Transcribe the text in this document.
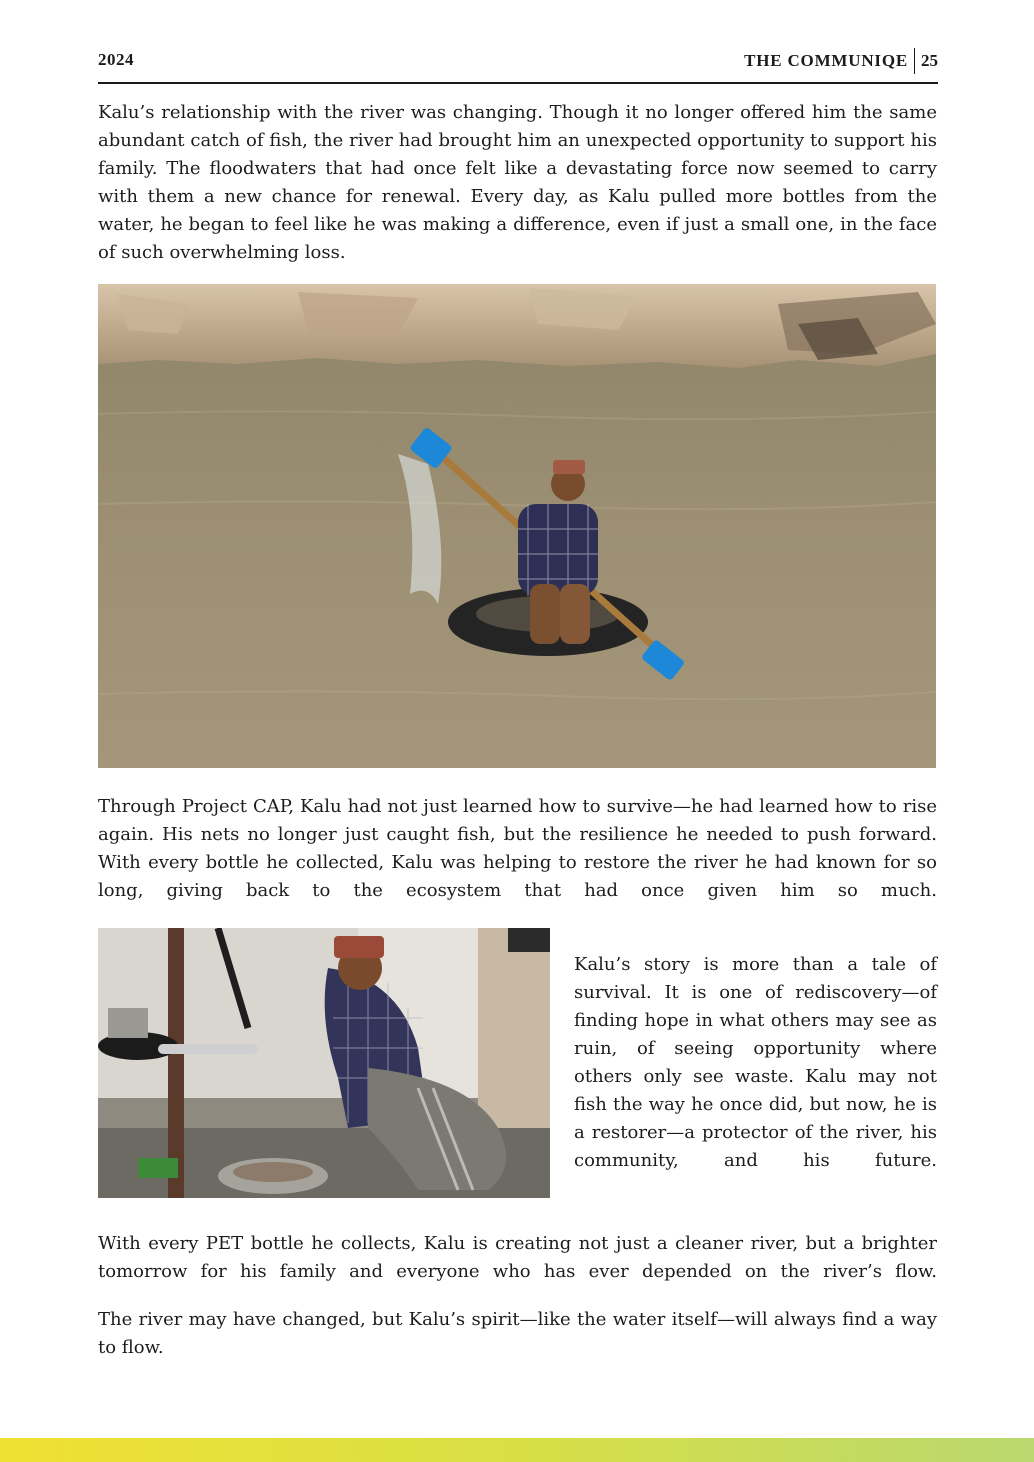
2024	THE COMMUNIQE 25

Kalu’s relationship with the river was changing. Though it no longer offered him the same abundant catch of fish, the river had brought him an unexpected opportunity to support his family. The floodwaters that had once felt like a devastating force now seemed to carry with them a new chance for renewal. Every day, as Kalu pulled more bottles from the water, he began to feel like he was making a difference, even if just a small one, in the face of such overwhelming loss.

Through Project CAP, Kalu had not just learned how to survive—he had learned how to rise again. His nets no longer just caught fish, but the resilience he needed to push forward. With every bottle he collected, Kalu was helping to restore the river he had known for so long, giving back to the ecosystem that had once given him so much.

Kalu’s story is more than a tale of survival. It is one of rediscovery—of finding hope in what others may see as ruin, of seeing opportunity where others only see waste. Kalu may not fish the way he once did, but now, he is a restorer—a protector of the river, his community, and his future.

With every PET bottle he collects, Kalu is creating not just a cleaner river, but a brighter tomorrow for his family and everyone who has ever depended on the river’s flow.

The river may have changed, but Kalu’s spirit—like the water itself—will always find a way to flow.
